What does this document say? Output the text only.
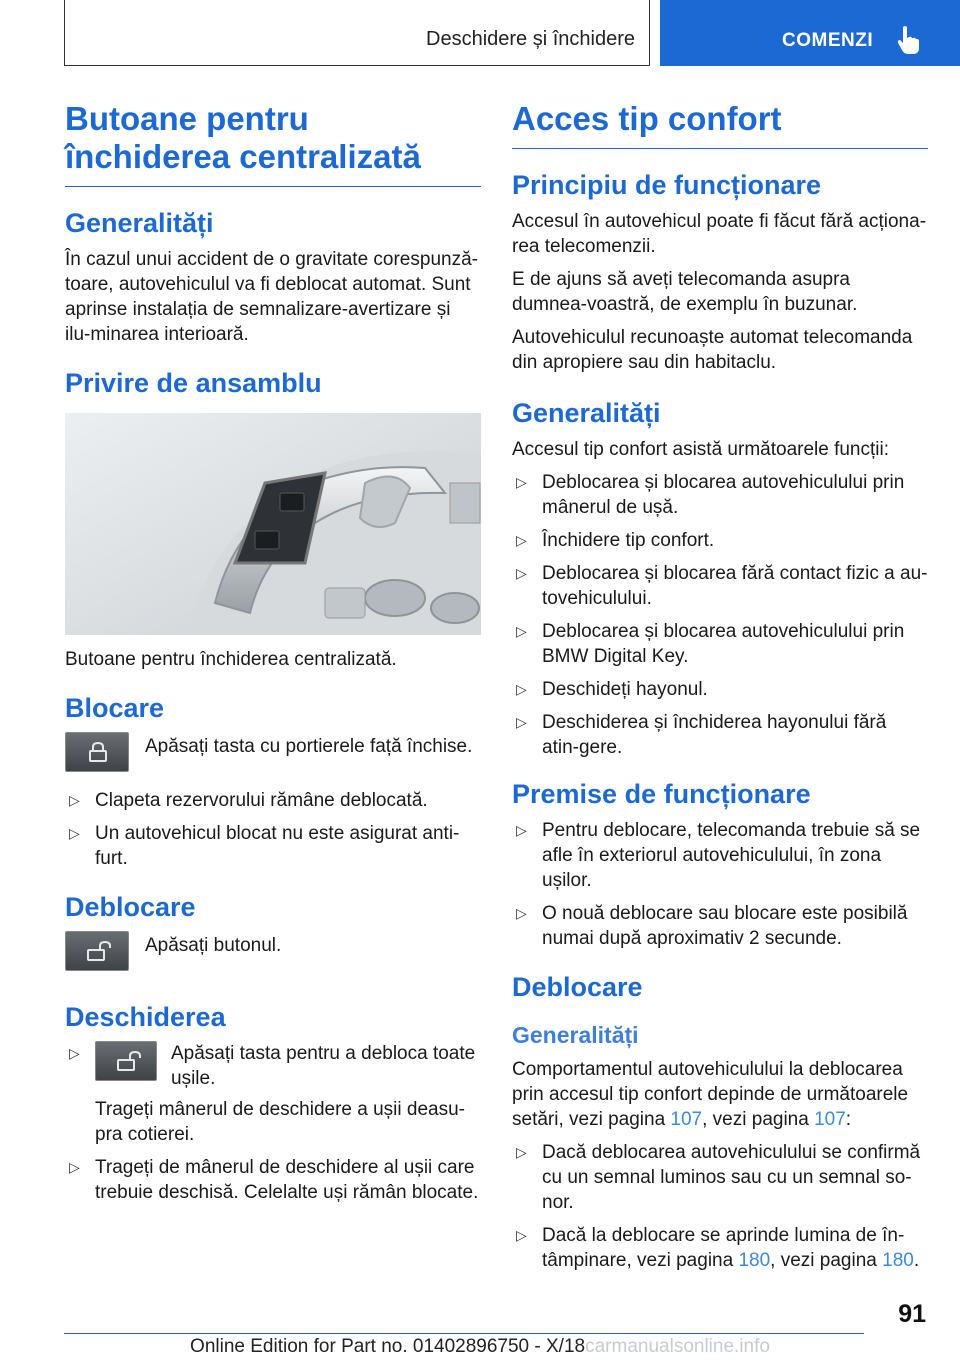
Deschidere și închidere	COMENZI
Butoane pentru închiderea centralizată
Generalități
În cazul unui accident de o gravitate corespunză-toare, autovehiculul va fi deblocat automat. Sunt aprinse instalația de semnalizare-avertizare și ilu-minarea interioară.
Privire de ansamblu
Butoane pentru închiderea centralizată.
Blocare
Apăsați tasta cu portierele față închise.
▷ Clapeta rezervorului rămâne deblocată.
▷ Un autovehicul blocat nu este asigurat anti-furt.
Deblocare
Apăsați butonul.
Deschiderea
▷	Apăsați tasta pentru a debloca toate ușile.
Trageți mânerul de deschidere a ușii deasu-pra cotierei.
▷ Trageți de mânerul de deschidere al ușii care trebuie deschisă. Celelalte uși rămân blocate.
Acces tip confort
Principiu de funcționare
Accesul în autovehicul poate fi făcut fără acționa-rea telecomenzii.
E de ajuns să aveți telecomanda asupra dumnea-voastră, de exemplu în buzunar.
Autovehiculul recunoaște automat telecomanda din apropiere sau din habitaclu.
Generalități
Accesul tip confort asistă următoarele funcții:
▷ Deblocarea și blocarea autovehiculului prin mânerul de ușă.
▷ Închidere tip confort.
▷ Deblocarea și blocarea fără contact fizic a au-tovehiculului.
▷ Deblocarea și blocarea autovehiculului prin BMW Digital Key.
▷ Deschideți hayonul.
▷ Deschiderea și închiderea hayonului fără atin-gere.
Premise de funcționare
▷ Pentru deblocare, telecomanda trebuie să se afle în exteriorul autovehiculului, în zona ușilor.
▷ O nouă deblocare sau blocare este posibilă numai după aproximativ 2 secunde.
Deblocare
Generalități
Comportamentul autovehiculului la deblocarea prin accesul tip confort depinde de următoarele setări, vezi pagina 107, vezi pagina 107:
▷ Dacă deblocarea autovehiculului se confirmă cu un semnal luminos sau cu un semnal so-nor.
▷ Dacă la deblocare se aprinde lumina de în-tâmpinare, vezi pagina 180, vezi pagina 180.
91
Online Edition for Part no. 01402896750 - X/18carmanualsonline.info
